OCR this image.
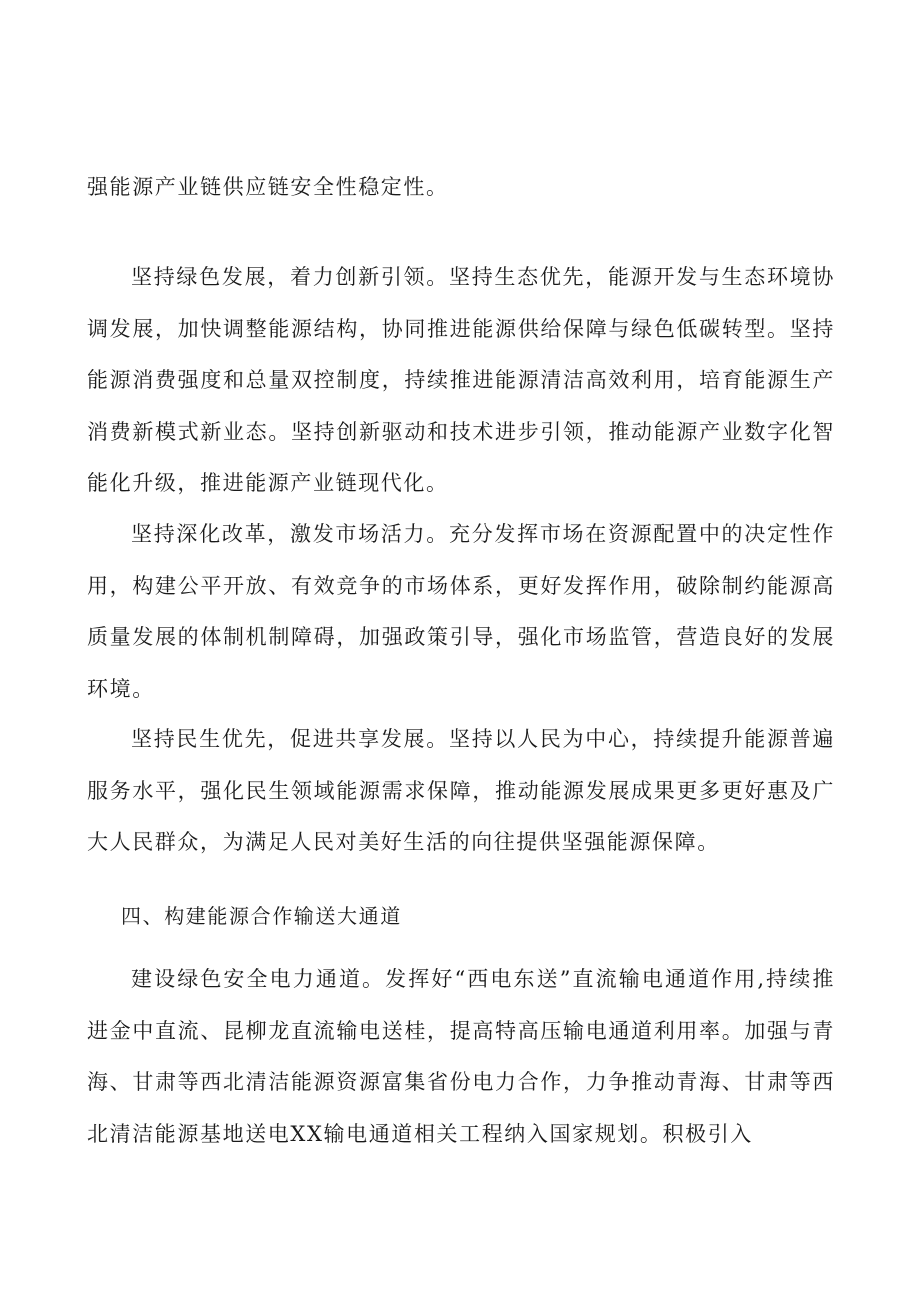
强能源产业链供应链安全性稳定性。

坚持绿色发展，着力创新引领。坚持生态优先，能源开发与生态环境协调发展，加快调整能源结构，协同推进能源供给保障与绿色低碳转型。坚持能源消费强度和总量双控制度，持续推进能源清洁高效利用，培育能源生产消费新模式新业态。坚持创新驱动和技术进步引领，推动能源产业数字化智能化升级，推进能源产业链现代化。

坚持深化改革，激发市场活力。充分发挥市场在资源配置中的决定性作用，构建公平开放、有效竞争的市场体系，更好发挥作用，破除制约能源高质量发展的体制机制障碍，加强政策引导，强化市场监管，营造良好的发展环境。

坚持民生优先，促进共享发展。坚持以人民为中心，持续提升能源普遍服务水平，强化民生领域能源需求保障，推动能源发展成果更多更好惠及广大人民群众，为满足人民对美好生活的向往提供坚强能源保障。

四、构建能源合作输送大通道

建设绿色安全电力通道。发挥好“西电东送”直流输电通道作用,持续推进金中直流、昆柳龙直流输电送桂，提高特高压输电通道利用率。加强与青海、甘肃等西北清洁能源资源富集省份电力合作，力争推动青海、甘肃等西北清洁能源基地送电XX输电通道相关工程纳入国家规划。积极引入
